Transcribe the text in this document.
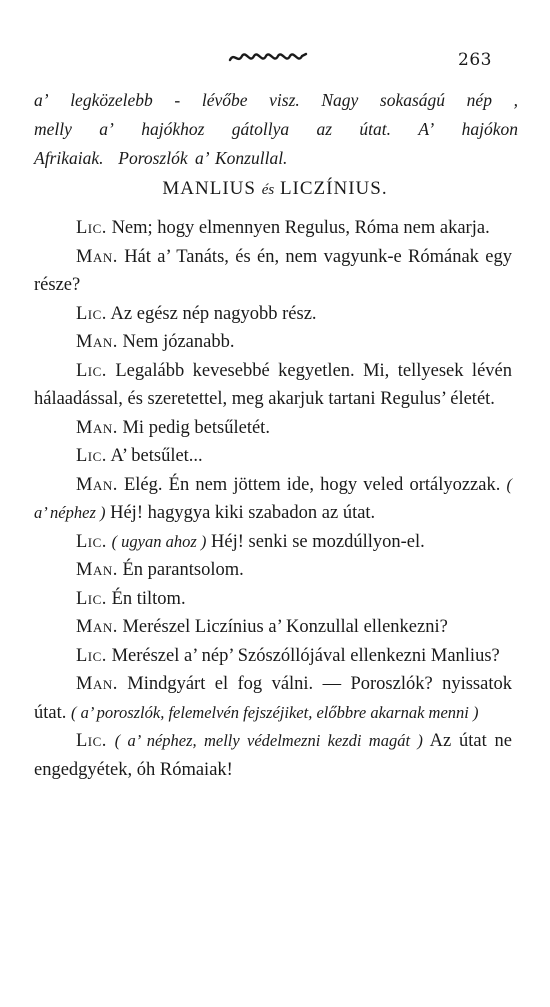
263
a’ legközelebb - lévőbe visz. Nagy sokaságú nép ,
melly a’ hajókhoz gátollya az útat. A’ hajókon
Afrikaiak.
Poroszlók a’ Konzullal.
MANLIUS és LICZÍNIUS.

Lic. Nem; hogy elmennyen Regulus, Róma nem akarja.

Man. Hát a’ Tanáts, és én, nem vagyunk-e Rómának egy része?

Lic. Az egész nép nagyobb rész.

Man. Nem józanabb.

Lic. Legalább kevesebbé kegyetlen. Mi, tellyesek lévén hálaadással, és szeretettel, meg akarjuk tartani Regulus’ életét.

Man. Mi pedig betsűletét.

Lic. A’ betsűlet...

Man. Elég. Én nem jöttem ide, hogy veled ortályozzak. ( a’ néphez ) Héj! hagygya kiki szabadon az útat.

Lic. ( ugyan ahoz ) Héj! senki se mozdúllyon-el.

Man. Én parantsolom.

Lic. Én tiltom.

Man. Merészel Liczínius a’ Konzullal ellenkezni?

Lic. Merészel a’ nép’ Szószóllójával ellenkezni Manlius?

Man. Mindgyárt el fog válni. — Poroszlók? nyissatok útat. ( a’ poroszlók, felemelvén fejszéjiket, előbbre akarnak menni )

Lic. ( a’ néphez, melly védelmezni kezdi magát ) Az útat ne engedgyétek, óh Rómaiak!
